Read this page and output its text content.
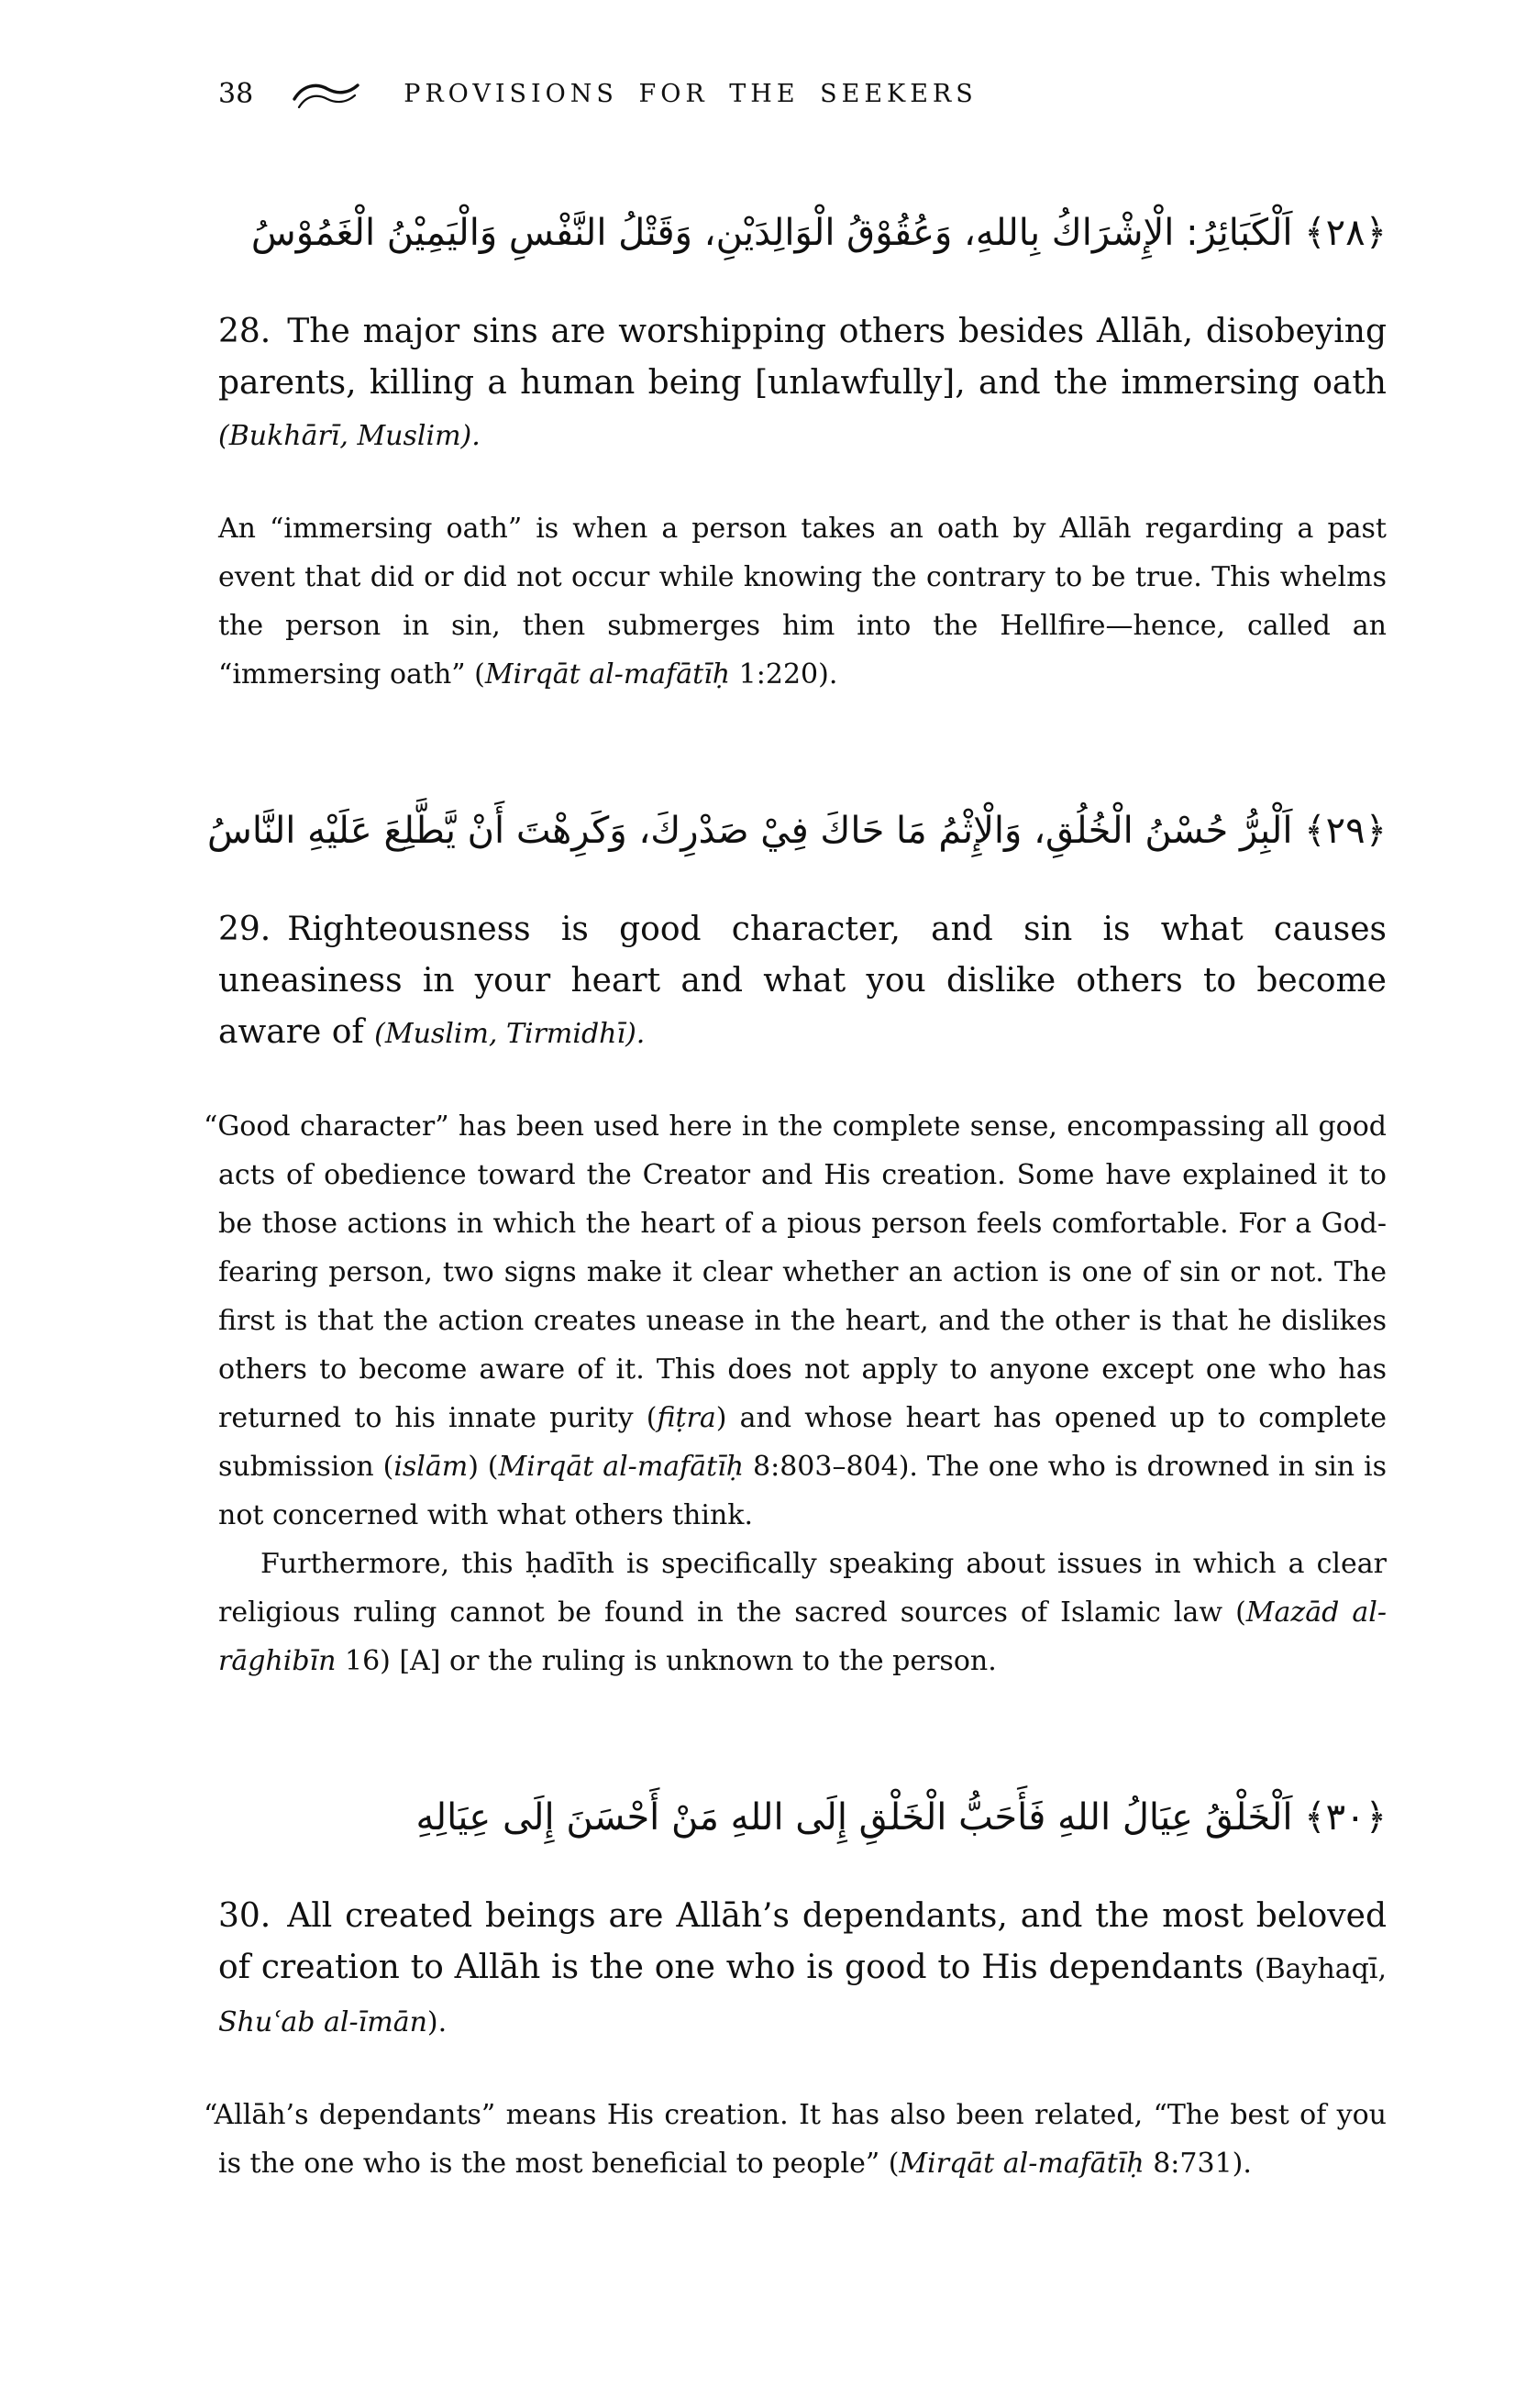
38	PROVISIONS FOR THE SEEKERS

﴿٢٨﴾ اَلْكَبَائِرُ: الْإِشْرَاكُ بِاللهِ، وَعُقُوْقُ الْوَالِدَيْنِ، وَقَتْلُ النَّفْسِ وَالْيَمِيْنُ الْغَمُوْسُ

28. The major sins are worshipping others besides Allāh, disobeying parents, killing a human being [unlawfully], and the immersing oath (Bukhārī, Muslim).

An “immersing oath” is when a person takes an oath by Allāh regarding a past event that did or did not occur while knowing the contrary to be true. This whelms the person in sin, then submerges him into the Hellfire—hence, called an “immersing oath” (Mirqāt al-mafātīḥ 1:220).

﴿٢٩﴾ اَلْبِرُّ حُسْنُ الْخُلُقِ، وَالْإِثْمُ مَا حَاكَ فِيْ صَدْرِكَ، وَكَرِهْتَ أَنْ يَّطَّلِعَ عَلَيْهِ النَّاسُ

29. Righteousness is good character, and sin is what causes uneasiness in your heart and what you dislike others to become aware of (Muslim, Tirmidhī).

“Good character” has been used here in the complete sense, encompassing all good acts of obedience toward the Creator and His creation. Some have explained it to be those actions in which the heart of a pious person feels comfortable. For a God-fearing person, two signs make it clear whether an action is one of sin or not. The first is that the action creates unease in the heart, and the other is that he dislikes others to become aware of it. This does not apply to anyone except one who has returned to his innate purity (fiṭra) and whose heart has opened up to complete submission (islām) (Mirqāt al-mafātīḥ 8:803–804). The one who is drowned in sin is not concerned with what others think.

Furthermore, this ḥadīth is specifically speaking about issues in which a clear religious ruling cannot be found in the sacred sources of Islamic law (Mazād al-rāghibīn 16) [A] or the ruling is unknown to the person.

﴿٣٠﴾ اَلْخَلْقُ عِيَالُ اللهِ فَأَحَبُّ الْخَلْقِ إِلَى اللهِ مَنْ أَحْسَنَ إِلَى عِيَالِهِ

30. All created beings are Allāh’s dependants, and the most beloved of creation to Allāh is the one who is good to His dependants (Bayhaqī, Shuʿab al-īmān).

“Allāh’s dependants” means His creation. It has also been related, “The best of you is the one who is the most beneficial to people” (Mirqāt al-mafātīḥ 8:731).
